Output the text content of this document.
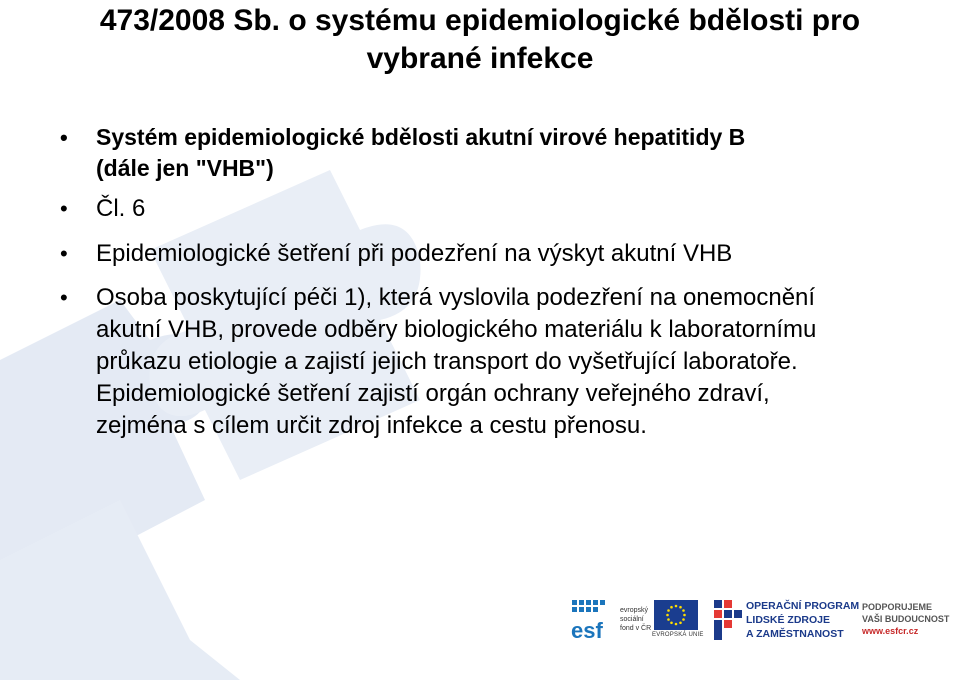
473/2008 Sb. o systému epidemiologické bdělosti pro
vybrané infekce
• Systém epidemiologické bdělosti akutní virové hepatitidy B
(dále jen "VHB")
• Čl. 6
• Epidemiologické šetření při podezření na výskyt akutní VHB
• Osoba poskytující péči 1), která vyslovila podezření na onemocnění
akutní VHB, provede odběry biologického materiálu k laboratornímu
průkazu etiologie a zajistí jejich transport do vyšetřující laboratoře.
Epidemiologické šetření zajistí orgán ochrany veřejného zdraví,
zejména s cílem určit zdroj infekce a cestu přenosu.
esf
evropský sociální fond v ČR
EVROPSKÁ UNIE
OPERAČNÍ PROGRAM
LIDSKÉ ZDROJE
A ZAMĚSTNANOST
PODPORUJEME
VAŠI BUDOUCNOST
www.esfcr.cz
